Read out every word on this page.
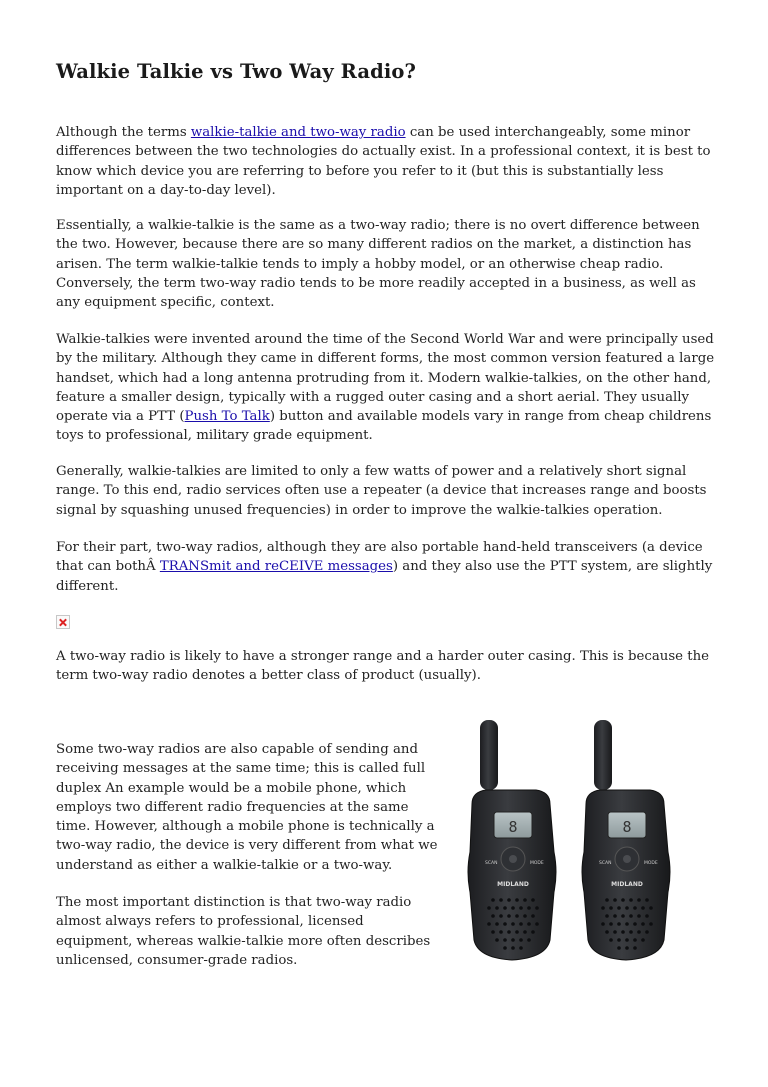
Walkie Talkie vs Two Way Radio?

Although the terms walkie-talkie and two-way radio can be used interchangeably, some minor differences between the two technologies do actually exist. In a professional context, it is best to know which device you are referring to before you refer to it (but this is substantially less important on a day-to-day level).

Essentially, a walkie-talkie is the same as a two-way radio; there is no overt difference between the two. However, because there are so many different radios on the market, a distinction has arisen. The term walkie-talkie tends to imply a hobby model, or an otherwise cheap radio. Conversely, the term two-way radio tends to be more readily accepted in a business, as well as any equipment specific, context.

Walkie-talkies were invented around the time of the Second World War and were principally used by the military. Although they came in different forms, the most common version featured a large handset, which had a long antenna protruding from it. Modern walkie-talkies, on the other hand, feature a smaller design, typically with a rugged outer casing and a short aerial. They usually operate via a PTT (Push To Talk) button and available models vary in range from cheap childrens toys to professional, military grade equipment.

Generally, walkie-talkies are limited to only a few watts of power and a relatively short signal range. To this end, radio services often use a repeater (a device that increases range and boosts signal by squashing unused frequencies) in order to improve the walkie-talkies operation.

For their part, two-way radios, although they are also portable hand-held transceivers (a device that can bothÂ TRANSmit and reCEIVE messages) and they also use the PTT system, are slightly different.

A two-way radio is likely to have a stronger range and a harder outer casing. This is because the term two-way radio denotes a better class of product (usually).

Some two-way radios are also capable of sending and receiving messages at the same time; this is called full duplex An example would be a mobile phone, which employs two different radio frequencies at the same time. However, although a mobile phone is technically a two-way radio, the device is very different from what we understand as either a walkie-talkie or a two-way.

The most important distinction is that two-way radio almost always refers to professional, licensed equipment, whereas walkie-talkie more often describes unlicensed, consumer-grade radios.

8
SCAN	MODE
MIDLAND
8
SCAN	MODE
MIDLAND
